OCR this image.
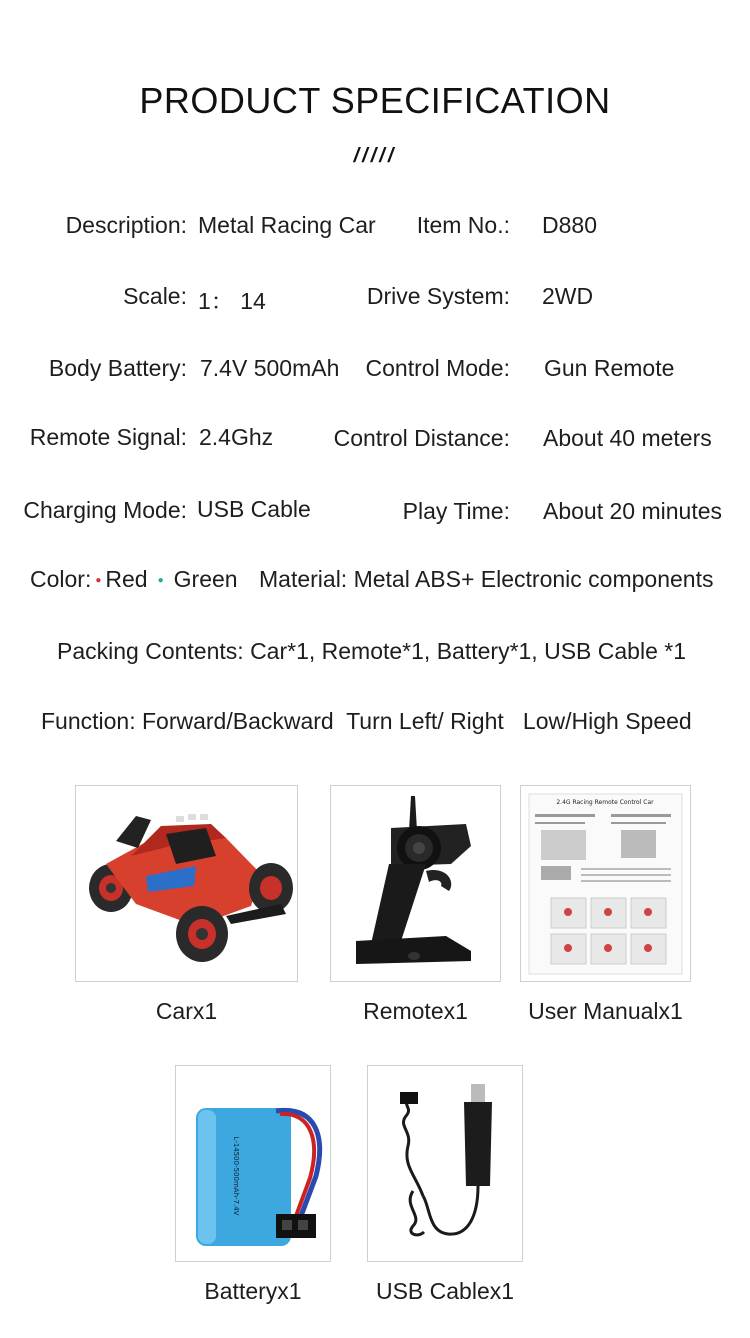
PRODUCT SPECIFICATION
/////
Description: Metal Racing Car Item No.: D880
Scale: 1： 14	Drive System: 2WD
Body Battery: 7.4V 500mAh Control Mode: Gun Remote
Remote Signal: 2.4Ghz	Control Distance: About 40 meters
Charging Mode: USB Cable	Play Time: About 20 minutes
Color: ● Red ● Green Material: Metal ABS+ Electronic components
Packing Contents: Car*1, Remote*1, Battery*1, USB Cable *1
Function: Forward/Backward  Turn Left/ Right   Low/High Speed
Carx1	Remotex1
2.4G Racing Remote Control Car
User Manualx1
L-14500-500mAh-7.4V
Batteryx1	USB Cablex1
